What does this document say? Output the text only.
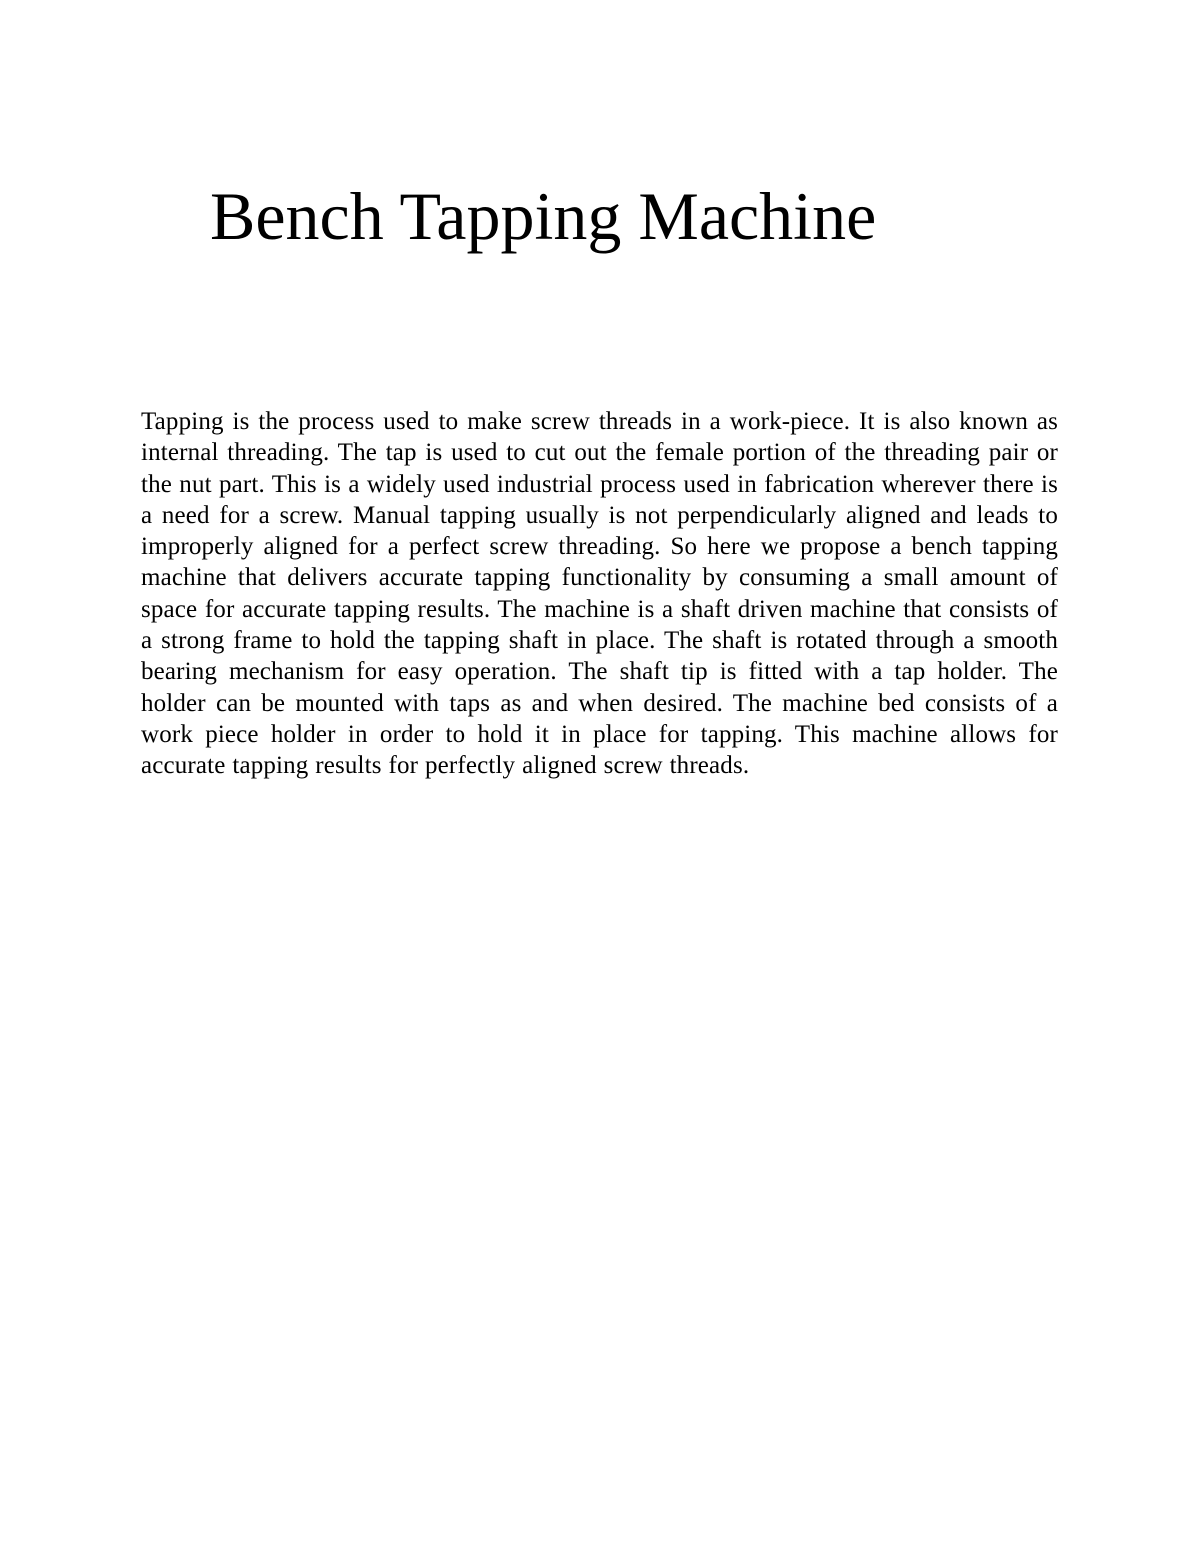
Bench Tapping Machine

Tapping is the process used to make screw threads in a work-piece. It is also known as internal threading. The tap is used to cut out the female portion of the threading pair or the nut part. This is a widely used industrial process used in fabrication wherever there is a need for a screw. Manual tapping usually is not perpendicularly aligned and leads to improperly aligned for a perfect screw threading. So here we propose a bench tapping machine that delivers accurate tapping functionality by consuming a small amount of space for accurate tapping results. The machine is a shaft driven machine that consists of a strong frame to hold the tapping shaft in place. The shaft is rotated through a smooth bearing mechanism for easy operation. The shaft tip is fitted with a tap holder. The holder can be mounted with taps as and when desired. The machine bed consists of a work piece holder in order to hold it in place for tapping. This machine allows for accurate tapping results for perfectly aligned screw threads.
